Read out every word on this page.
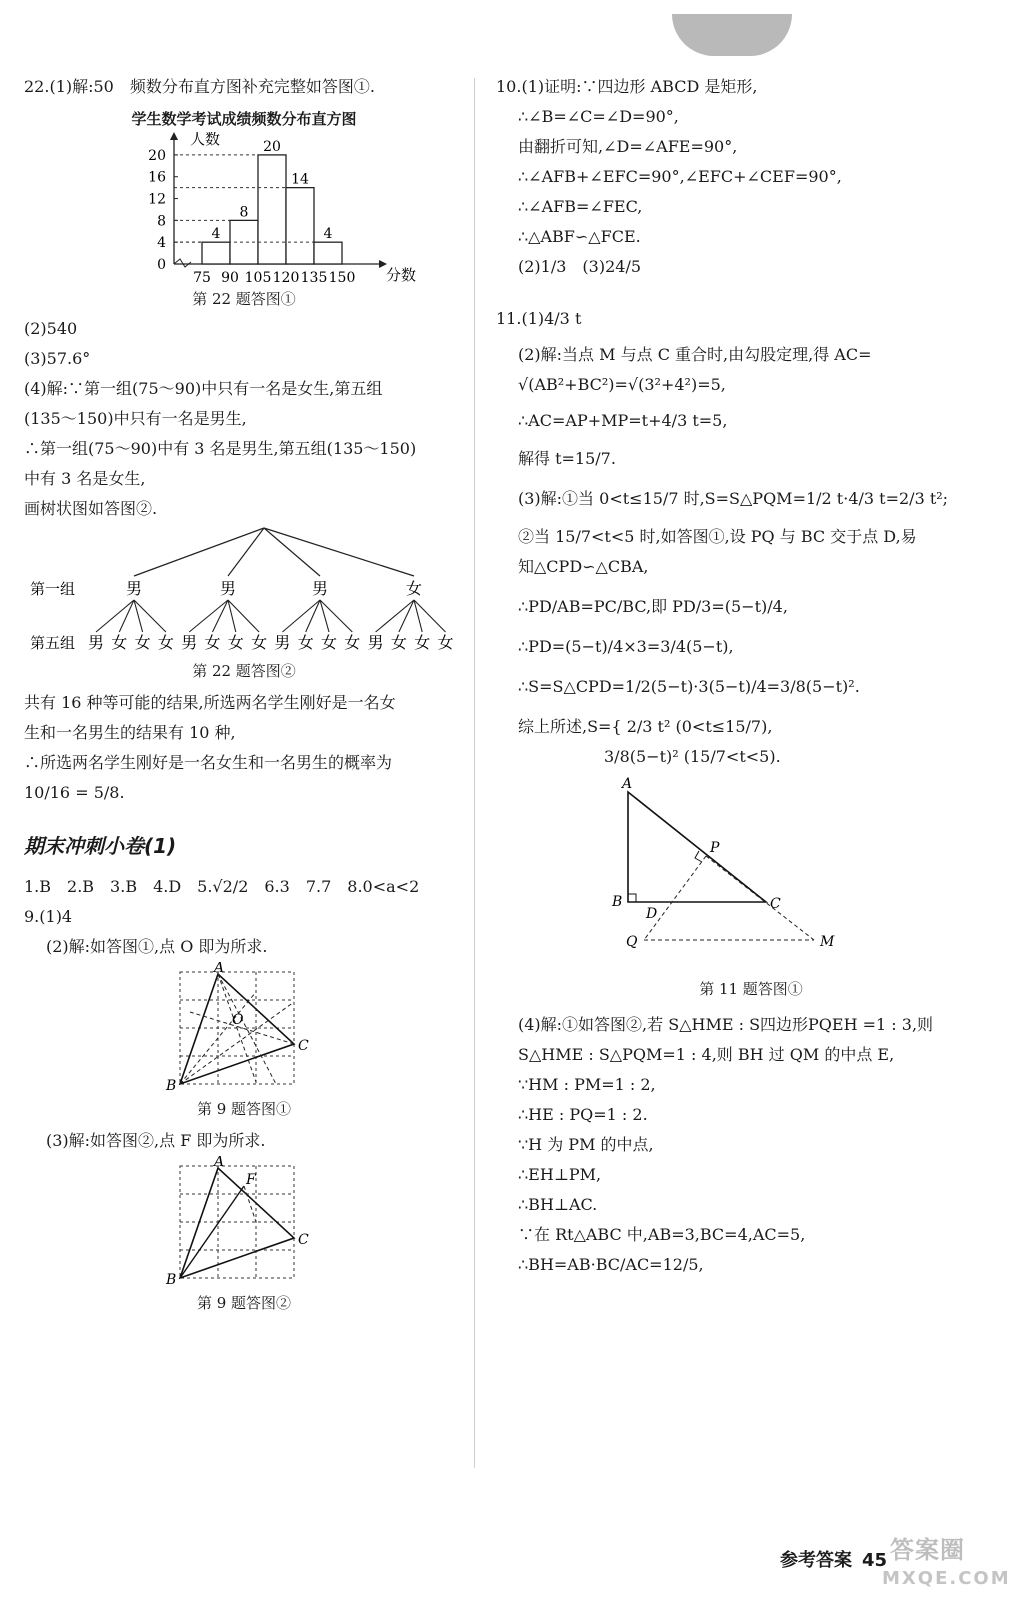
22.(1)解:50　频数分布直方图补充完整如答图①.
学生数学考试成绩频数分布直方图
人数
分数
0
4
8
12
16
20
4
8
20
14
4
75 90 105 120 135 150
第 22 题答图①
(2)540
(3)57.6°
(4)解:∵第一组(75～90)中只有一名是女生,第五组
(135～150)中只有一名是男生,
∴第一组(75～90)中有 3 名是男生,第五组(135～150)
中有 3 名是女生,
画树状图如答图②.
第一组	男	男	男	女
第五组 男 女 女 女 男 女 女 女 男 女 女 女 男 女 女 女
第 22 题答图②
共有 16 种等可能的结果,所选两名学生刚好是一名女
生和一名男生的结果有 10 种,
∴所选两名学生刚好是一名女生和一名男生的概率为
10/16 = 5/8.
期末冲刺小卷(1)
1.B　2.B　3.B　4.D　5.√2/2　6.3　7.7　8.0<a<2
9.(1)4
(2)解:如答图①,点 O 即为所求.
A
B
C
O
第 9 题答图①
(3)解:如答图②,点 F 即为所求.
A
B
C
F
第 9 题答图②
10.(1)证明:∵四边形 ABCD 是矩形,
∴∠B=∠C=∠D=90°,
由翻折可知,∠D=∠AFE=90°,
∴∠AFB+∠EFC=90°,∠EFC+∠CEF=90°,
∴∠AFB=∠FEC,
∴△ABF∽△FCE.
(2)1/3　(3)24/5
11.(1)4/3 t
(2)解:当点 M 与点 C 重合时,由勾股定理,得 AC=
√(AB²+BC²)=√(3²+4²)=5,
∴AC=AP+MP=t+4/3 t=5,
解得 t=15/7.
(3)解:①当 0<t≤15/7 时,S=S△PQM=1/2 t·4/3 t=2/3 t²;
②当 15/7<t<5 时,如答图①,设 PQ 与 BC 交于点 D,易
知△CPD∽△CBA,
∴PD/AB=PC/BC,即 PD/3=(5−t)/4,
∴PD=(5−t)/4×3=3/4(5−t),
∴S=S△CPD=1/2(5−t)·3(5−t)/4=3/8(5−t)².
综上所述,S={ 2/3 t² (0<t≤15/7),
3/8(5−t)² (15/7<t<5).
A
P
B
D
C
Q	M
第 11 题答图①
(4)解:①如答图②,若 S△HME : S四边形PQEH =1 : 3,则
S△HME : S△PQM=1 : 4,则 BH 过 QM 的中点 E,
∵HM : PM=1 : 2,
∴HE : PQ=1 : 2.
∵H 为 PM 的中点,
∴EH⊥PM,
∴BH⊥AC.
∵在 Rt△ABC 中,AB=3,BC=4,AC=5,
∴BH=AB·BC/AC=12/5,
参考答案 45 答案圈
MXQE.COM
